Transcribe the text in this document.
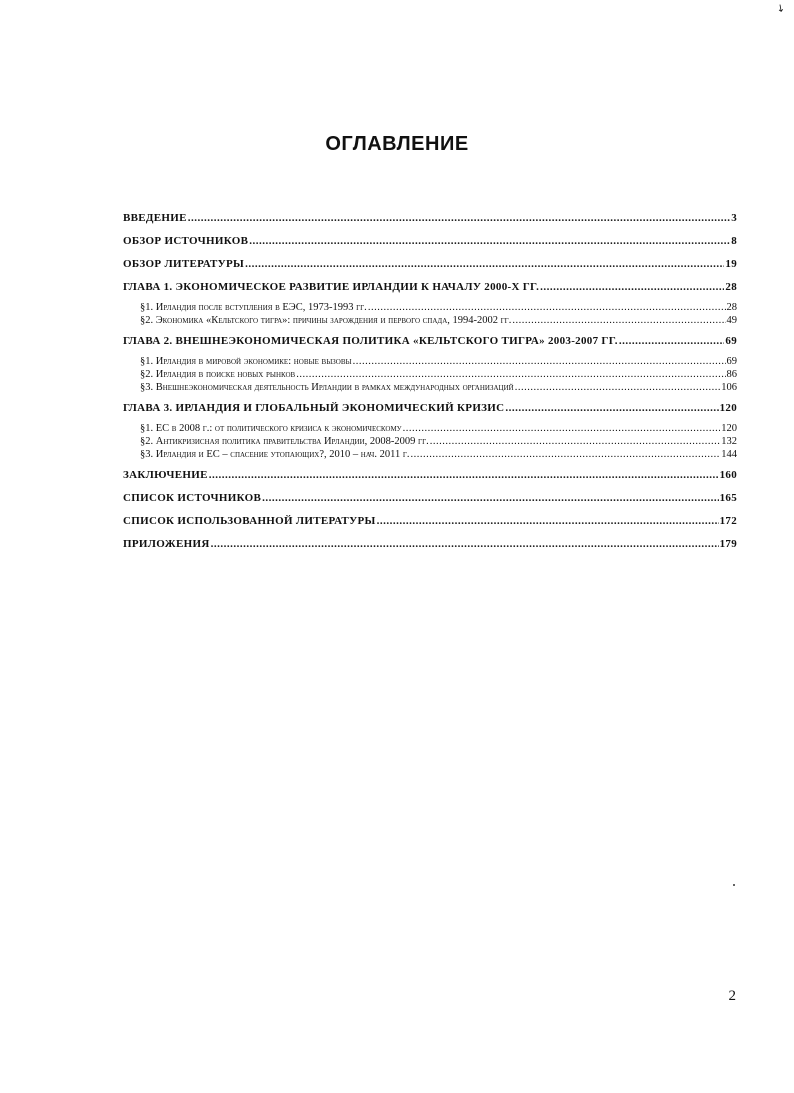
↘
ОГЛАВЛЕНИЕ
ВВЕДЕНИЕ .....	3
ОБЗОР ИСТОЧНИКОВ .....	8
ОБЗОР ЛИТЕРАТУРЫ .....	19
ГЛАВА 1. ЭКОНОМИЧЕСКОЕ РАЗВИТИЕ ИРЛАНДИИ К НАЧАЛУ 2000-Х ГГ. .....	28
§1. Ирландия после вступления в ЕЭС, 1973-1993 гг. .....	28
§2. Экономика «Кельтского тигра»: причины зарождения и первого спада, 1994-2002 гг. .....	49
ГЛАВА 2. ВНЕШНЕЭКОНОМИЧЕСКАЯ ПОЛИТИКА «КЕЛЬТСКОГО ТИГРА» 2003-2007 ГГ. .....	69
§1. Ирландия в мировой экономике: новые вызовы .....	69
§2. Ирландия в поиске новых рынков .....	86
§3. Внешнеэкономическая деятельность Ирландии в рамках международных организаций .....	106
ГЛАВА 3. ИРЛАНДИЯ И ГЛОБАЛЬНЫЙ ЭКОНОМИЧЕСКИЙ КРИЗИС .....	120
§1. ЕС в 2008 г.: от политического кризиса к экономическому .....	120
§2. Антикризисная политика правительства Ирландии, 2008-2009 гг. .....	132
§3. Ирландия и ЕС – спасение утопающих?, 2010 – нач. 2011 г. .....	144
ЗАКЛЮЧЕНИЕ .....	160
СПИСОК ИСТОЧНИКОВ .....	165
СПИСОК ИСПОЛЬЗОВАННОЙ ЛИТЕРАТУРЫ .....	172
ПРИЛОЖЕНИЯ .....	179
2
